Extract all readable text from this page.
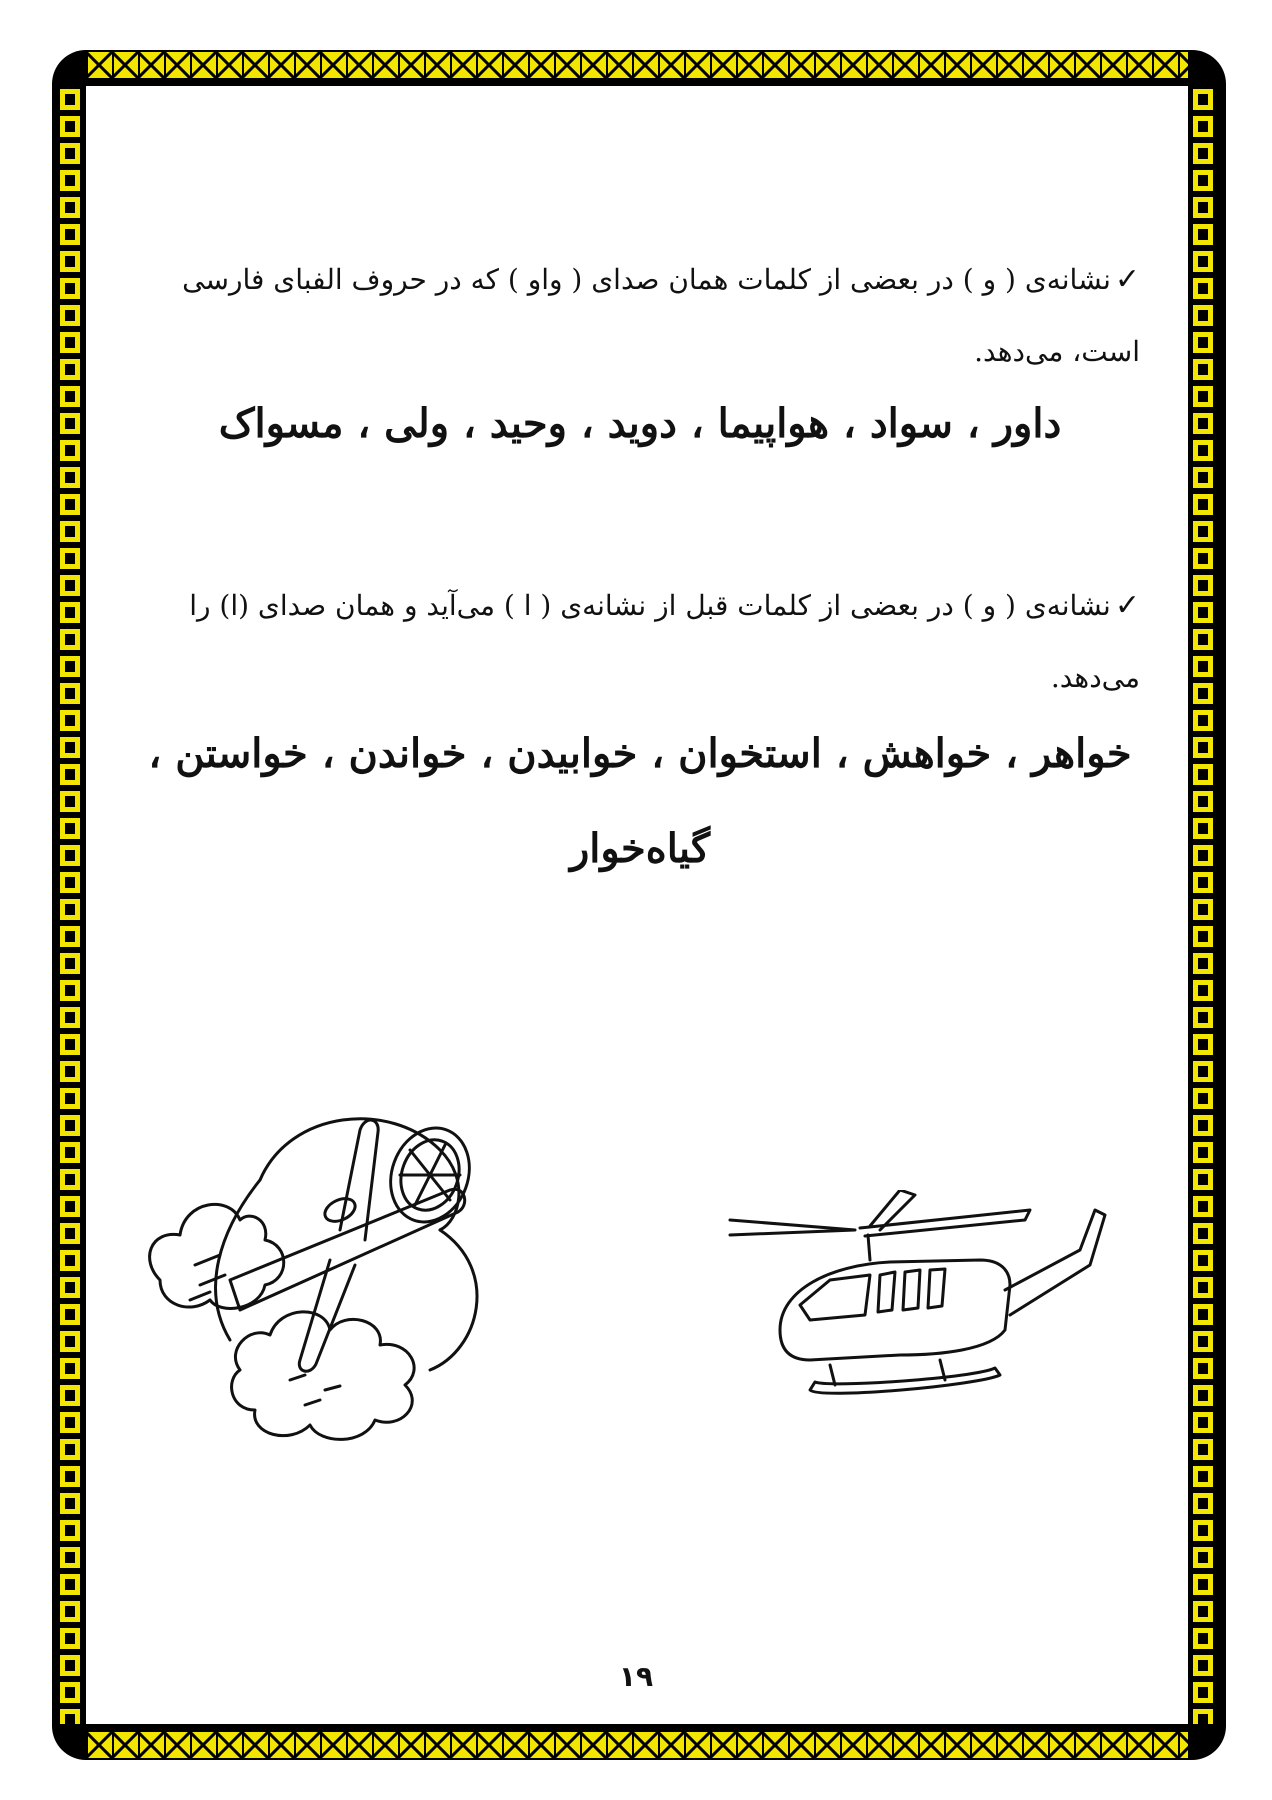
✓نشانه‌ی ( و ) در بعضی از کلمات همان صدای ( واو ) که در حروف الفبای فارسی است، می‌دهد.

داور ، سواد ، هواپیما ، دوید ، وحید ، ولی ، مسواک

✓نشانه‌ی ( و ) در بعضی از کلمات قبل از نشانه‌ی ( ا ) می‌آید و همان صدای (ا) را می‌دهد.

خواهر ، خواهش ، استخوان ، خوابیدن ، خواندن ، خواستن ،
گیاه‌خوار
۱۹
